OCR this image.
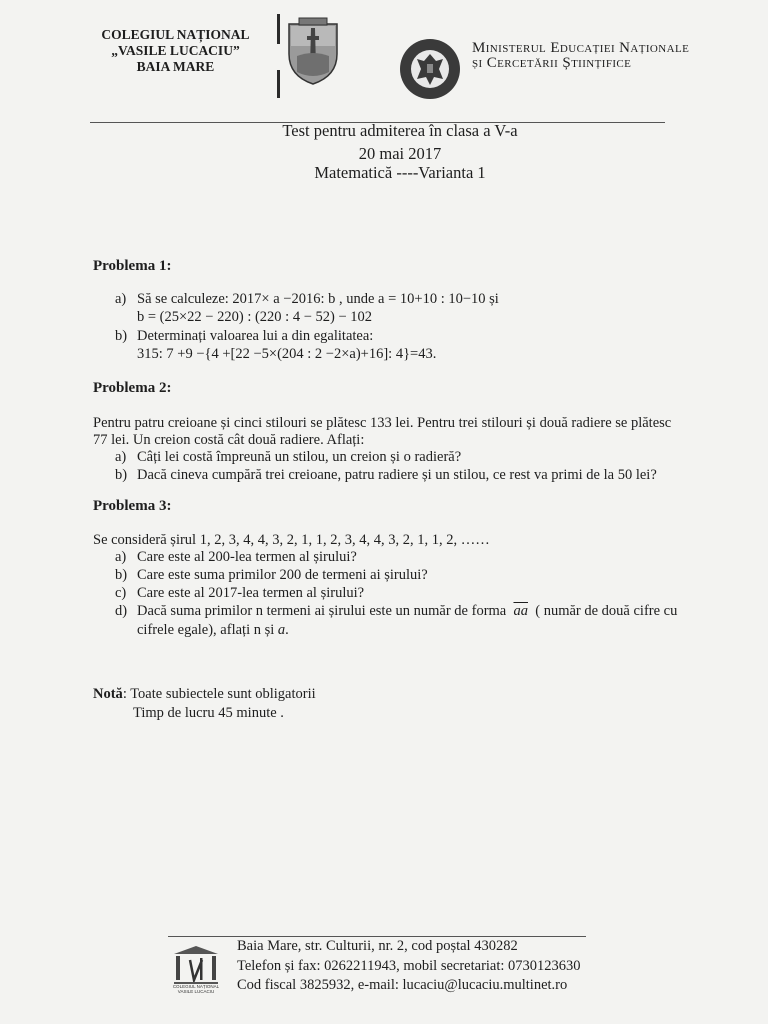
COLEGIUL NAȚIONAL
„VASILE LUCACIU”
BAIA MARE
Ministerul Educației Naționale
și Cercetării Științifice
Test pentru admiterea în clasa a V-a
20 mai 2017
Matematică ----Varianta 1
Problema 1:
a) Să se calculeze: 2017× a −2016: b , unde a = 10+10 : 10−10 și
b = (25×22 − 220) : (220 : 4 − 52) − 102
b) Determinați valoarea lui a din egalitatea:
315: 7 +9 −{4 +[22 −5×(204 : 2 −2×a)+16]: 4}=43.
Problema 2:
Pentru patru creioane și cinci stilouri se plătesc 133 lei. Pentru trei stilouri și două radiere se plătesc
77 lei. Un creion costă cât două radiere. Aflați:
a) Câți lei costă împreună un stilou, un creion și o radieră?
b) Dacă cineva cumpără trei creioane, patru radiere și un stilou, ce rest va primi de la 50 lei?
Problema 3:
Se consideră șirul 1, 2, 3, 4, 4, 3, 2, 1, 1, 2, 3, 4, 4, 3, 2, 1, 1, 2, ……
a) Care este al 200-lea termen al șirului?
b) Care este suma primilor 200 de termeni ai șirului?
c) Care este al 2017-lea termen al șirului?
d) Dacă suma primilor n termeni ai șirului este un număr de forma $\overline{aa}$ ( număr de două cifre cu
cifrele egale), aflați n și a.
Notă: Toate subiectele sunt obligatorii
Timp de lucru 45 minute .
COLEGIUL NAȚIONAL
VASILE LUCACIU
Baia Mare, str. Culturii, nr. 2, cod poștal 430282
Telefon și fax: 0262211943, mobil secretariat: 0730123630
Cod fiscal 3825932, e-mail: lucaciu@lucaciu.multinet.ro
